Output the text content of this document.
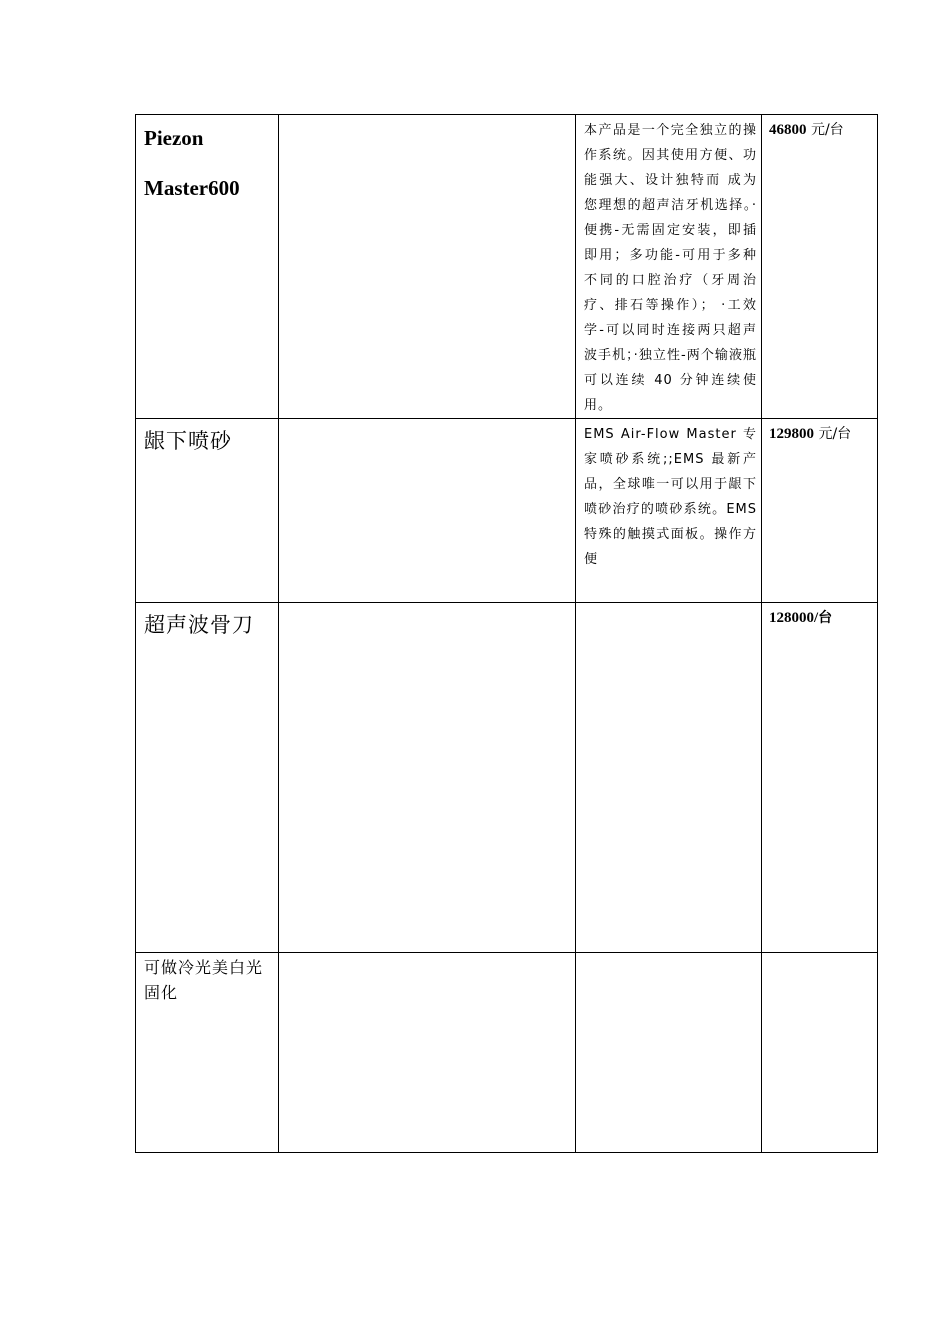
Piezon
Master600		本产品是一个完全独立的操作系统。因其使用方便、功能强大、设计独特而 成为您理想的超声洁牙机选择。·便携-无需固定安装，即插即用；多功能-可用于多种不同的口腔治疗（牙周治疗、排石等操作）； ·工效学-可以同时连接两只超声波手机；·独立性-两个输液瓶可以连续 40 分钟连续使用。	46800 元/台

龈下喷砂		EMS Air-Flow Master 专家喷砂系统;;EMS 最新产品，全球唯一可以用于龈下喷砂治疗的喷砂系统。EMS 特殊的触摸式面板。操作方便	129800 元/台

超声波骨刀			128000/台

可做冷光美白光固化			
